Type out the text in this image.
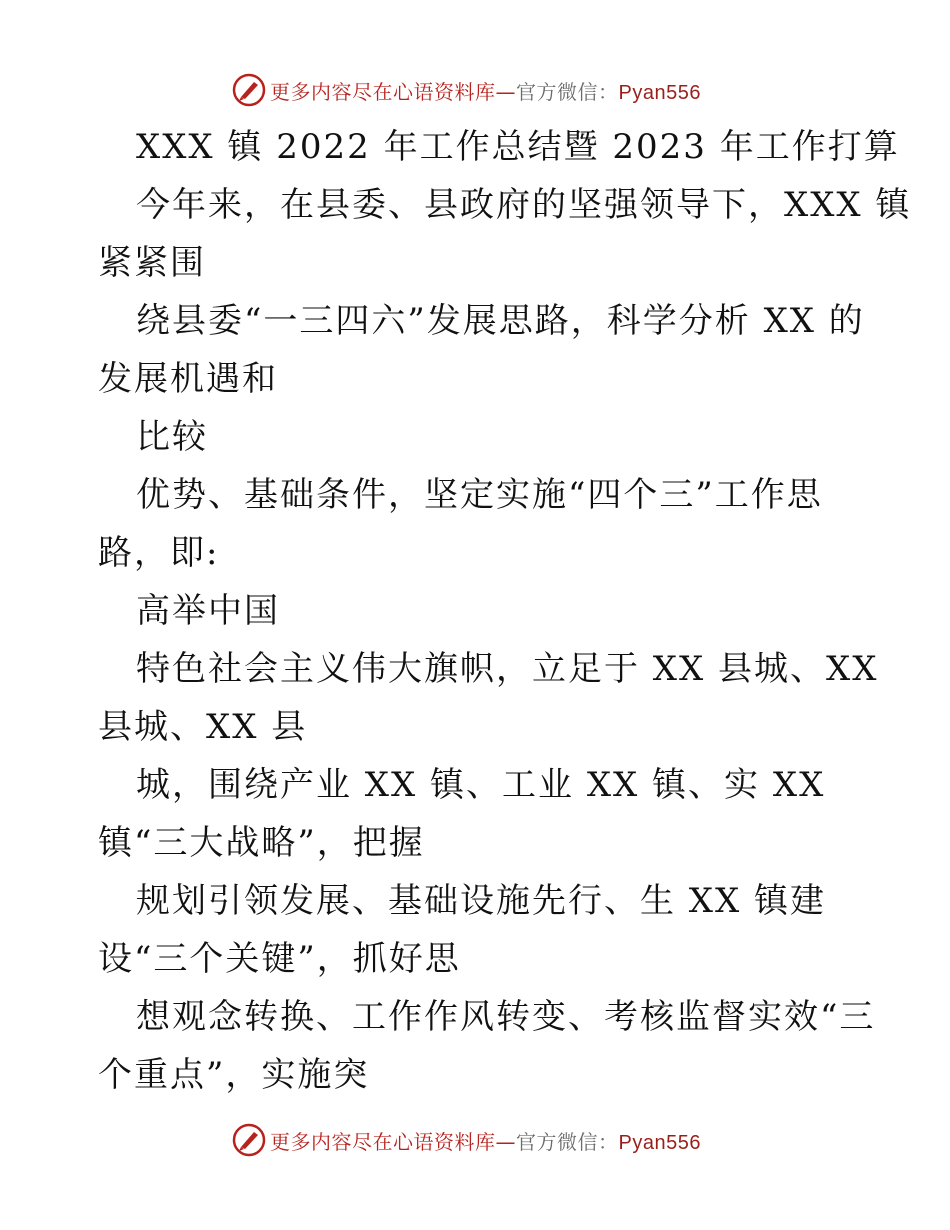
更多内容尽在心语资料库—官方微信：Pyan556
XXX 镇 2022 年工作总结暨 2023 年工作打算
今年来，在县委、县政府的坚强领导下，XXX 镇
紧紧围
绕县委“一三四六”发展思路，科学分析 XX 的
发展机遇和
比较
优势、基础条件，坚定实施“四个三”工作思
路，即:
高举中国
特色社会主义伟大旗帜，立足于 XX 县城、XX
县城、XX 县
城，围绕产业 XX 镇、工业 XX 镇、实 XX
镇“三大战略”，把握
规划引领发展、基础设施先行、生 XX 镇建
设“三个关键”，抓好思
想观念转换、工作作风转变、考核监督实效“三
个重点”，实施突
更多内容尽在心语资料库—官方微信：Pyan556
